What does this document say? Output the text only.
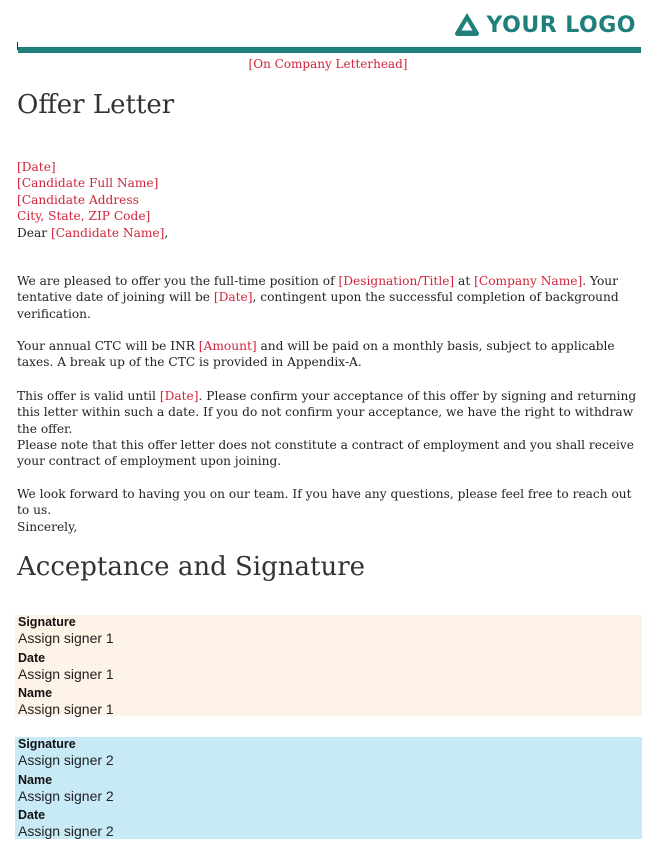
YOUR LOGO
[On Company Letterhead]
Offer Letter
[Date]
[Candidate Full Name]
[Candidate Address
City, State, ZIP Code]
Dear [Candidate Name],
We are pleased to offer you the full-time position of [Designation/Title] at [Company Name]. Your tentative date of joining will be [Date], contingent upon the successful completion of background verification.
Your annual CTC will be INR [Amount] and will be paid on a monthly basis, subject to applicable taxes. A break up of the CTC is provided in Appendix-A.
This offer is valid until [Date]. Please confirm your acceptance of this offer by signing and returning this letter within such a date. If you do not confirm your acceptance, we have the right to withdraw the offer.
Please note that this offer letter does not constitute a contract of employment and you shall receive your contract of employment upon joining.
We look forward to having you on our team. If you have any questions, please feel free to reach out to us.
Sincerely,
Acceptance and Signature
Signature
Assign signer 1
Date
Assign signer 1
Name
Assign signer 1
Signature
Assign signer 2
Name
Assign signer 2
Date
Assign signer 2
